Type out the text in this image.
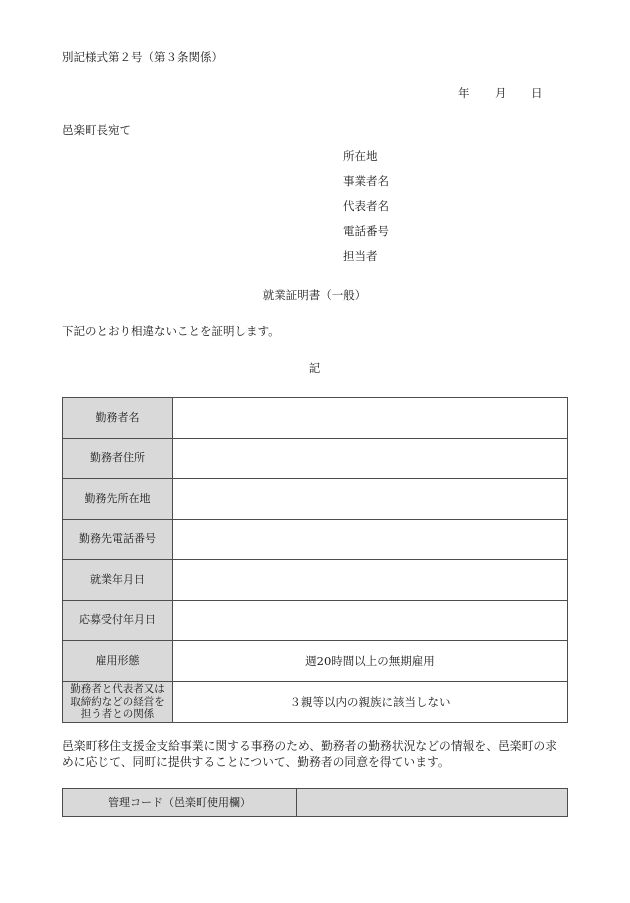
別記様式第２号（第３条関係）
年 月 日
邑楽町長宛て
所在地
事業者名
代表者名
電話番号
担当者
就業証明書（一般）
下記のとおり相違ないことを証明します。
記
勤務者名
勤務者住所
勤務先所在地
勤務先電話番号
就業年月日
応募受付年月日
雇用形態	週20時間以上の無期雇用
勤務者と代表者又は
取締約などの経営を
担う者との関係
３親等以内の親族に該当しない
邑楽町移住支援金支給事業に関する事務のため、勤務者の勤務状況などの情報を、邑楽町の求めに応じて、同町に提供することについて、勤務者の同意を得ています。
管理コード（邑楽町使用欄）
